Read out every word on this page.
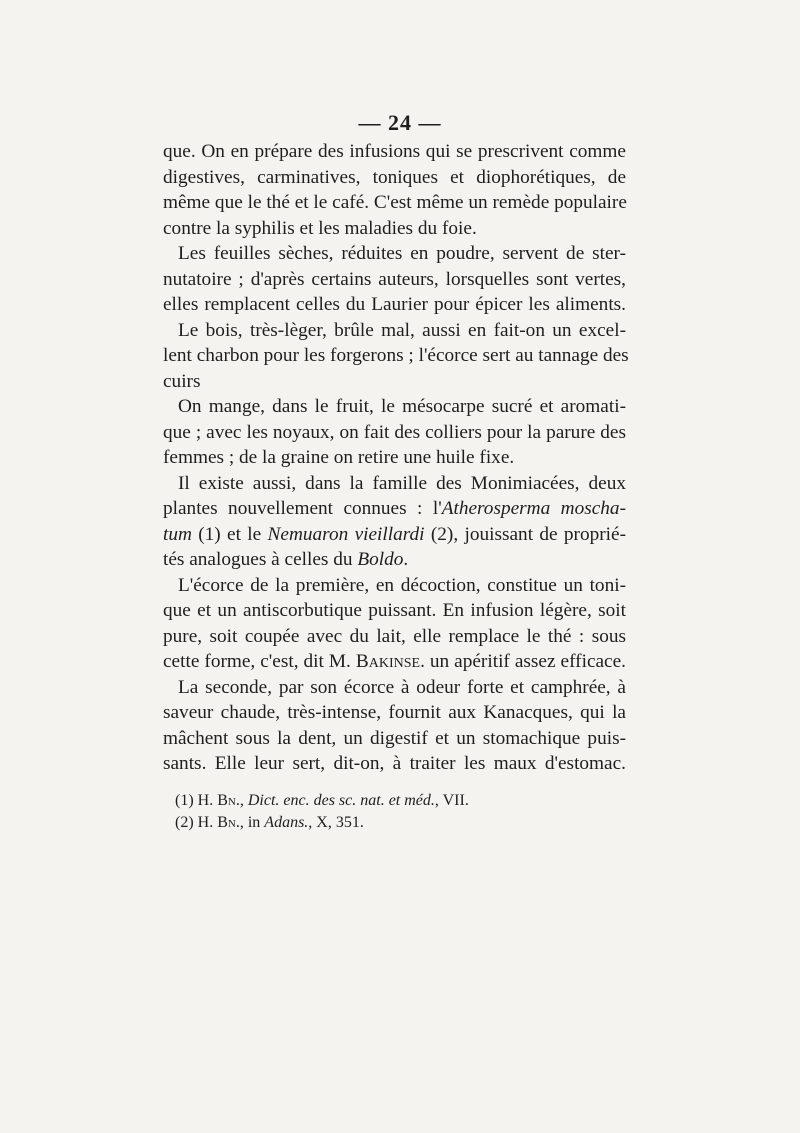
— 24 —
que. On en prépare des infusions qui se prescrivent comme
digestives, carminatives, toniques et diophorétiques, de
même que le thé et le café. C'est même un remède populaire
contre la syphilis et les maladies du foie.
Les feuilles sèches, réduites en poudre, servent de ster-
nutatoire ; d'après certains auteurs, lorsquelles sont vertes,
elles remplacent celles du Laurier pour épicer les aliments.
Le bois, très-lèger, brûle mal, aussi en fait-on un excel-
lent charbon pour les forgerons ; l'écorce sert au tannage des
cuirs
On mange, dans le fruit, le mésocarpe sucré et aromati-
que ; avec les noyaux, on fait des colliers pour la parure des
femmes ; de la graine on retire une huile fixe.
Il existe aussi, dans la famille des Monimiacées, deux
plantes nouvellement connues : l'Atherosperma moscha-
tum (1) et le Nemuaron vieillardi (2), jouissant de proprié-
tés analogues à celles du Boldo.
L'écorce de la première, en décoction, constitue un toni-
que et un antiscorbutique puissant. En infusion légère, soit
pure, soit coupée avec du lait, elle remplace le thé : sous
cette forme, c'est, dit M. Bakinse. un apéritif assez efficace.
La seconde, par son écorce à odeur forte et camphrée, à
saveur chaude, très-intense, fournit aux Kanacques, qui la
mâchent sous la dent, un digestif et un stomachique puis-
sants. Elle leur sert, dit-on, à traiter les maux d'estomac.
(1) H. Bn., Dict. enc. des sc. nat. et méd., VII.
(2) H. Bn., in Adans., X, 351.
